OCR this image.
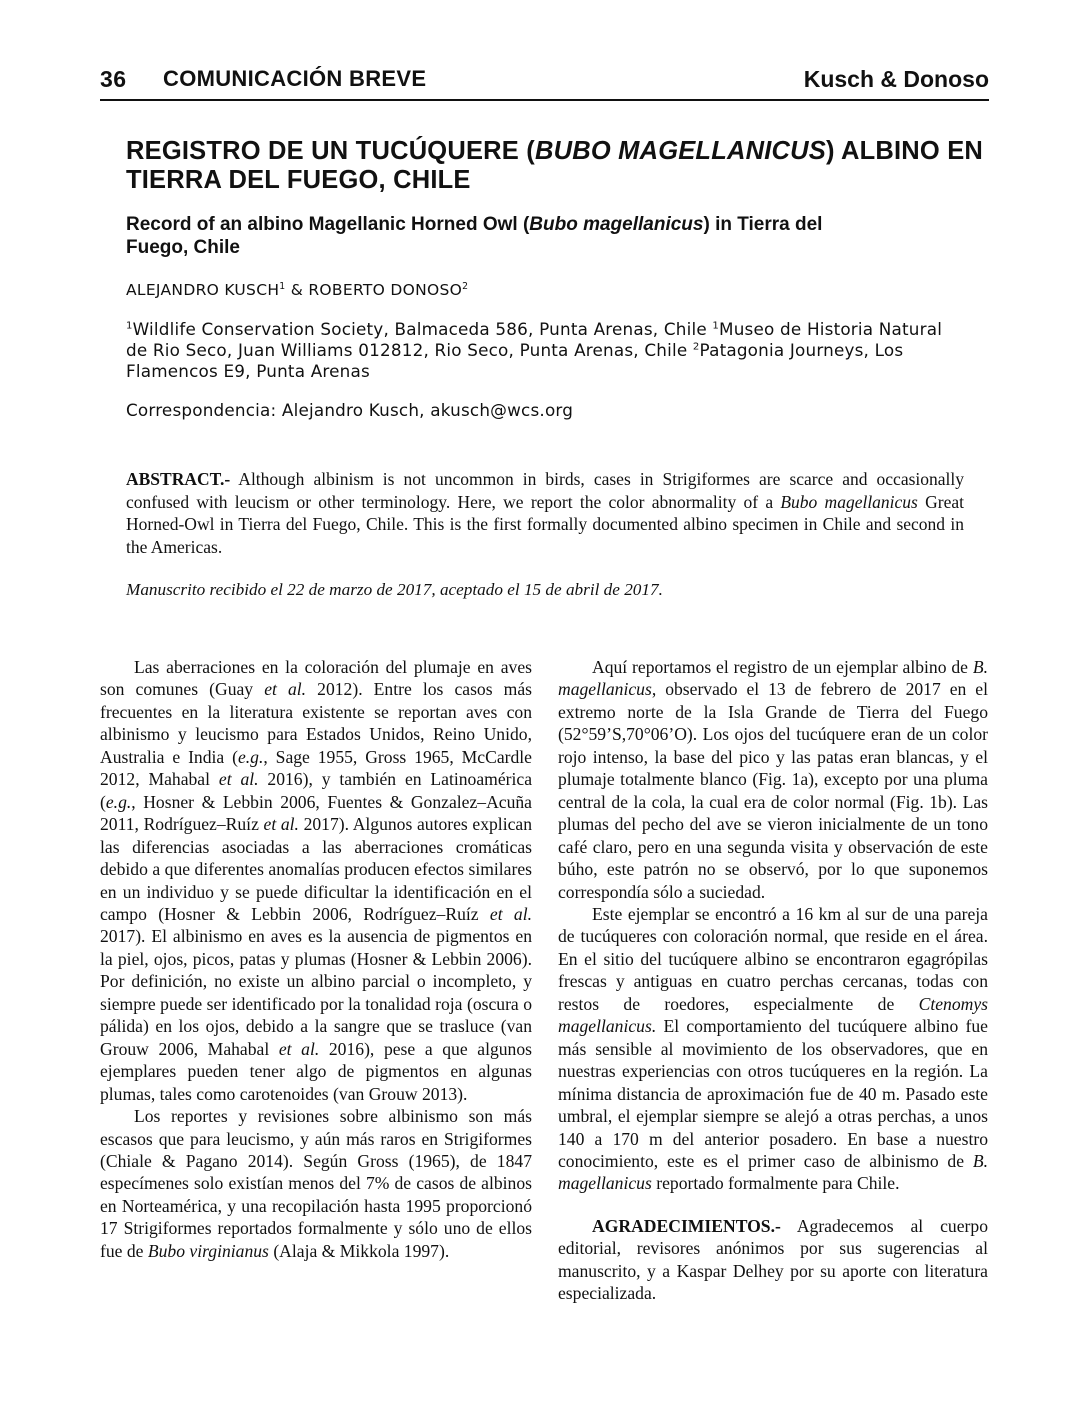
36 COMUNICACIÓN BREVE	Kusch & Donoso
REGISTRO DE UN TUCÚQUERE (BUBO MAGELLANICUS) ALBINO EN TIERRA DEL FUEGO, CHILE
Record of an albino Magellanic Horned Owl (Bubo magellanicus) in Tierra del Fuego, Chile
ALEJANDRO KUSCH$^1$ & ROBERTO DONOSO$^2$
$^1$Wildlife Conservation Society, Balmaceda 586, Punta Arenas, Chile $^1$Museo de Historia Natural de Rio Seco, Juan Williams 012812, Rio Seco, Punta Arenas, Chile $^2$Patagonia Journeys, Los Flamencos E9, Punta Arenas
Correspondencia: Alejandro Kusch, akusch@wcs.org
ABSTRACT.- Although albinism is not uncommon in birds, cases in Strigiformes are scarce and occasionally confused with leucism or other terminology. Here, we report the color abnormality of a Bubo magellanicus Great Horned-Owl in Tierra del Fuego, Chile. This is the first formally documented albino specimen in Chile and second in the Americas.
Manuscrito recibido el 22 de marzo de 2017, aceptado el 15 de abril de 2017.

Las aberraciones en la coloración del plumaje en aves son comunes (Guay et al. 2012). Entre los casos más frecuentes en la literatura existente se reportan aves con albinismo y leucismo para Estados Unidos, Reino Unido, Australia e India (e.g., Sage 1955, Gross 1965, McCardle 2012, Mahabal et al. 2016), y también en Latinoamérica (e.g., Hosner & Lebbin 2006, Fuentes & Gonzalez–Acuña 2011, Rodríguez–Ruíz et al. 2017). Algunos autores explican las diferencias asociadas a las aberraciones cromáticas debido a que diferentes anomalías producen efectos similares en un individuo y se puede dificultar la identificación en el campo (Hosner & Lebbin 2006, Rodríguez–Ruíz et al. 2017). El albinismo en aves es la ausencia de pigmentos en la piel, ojos, picos, patas y plumas (Hosner & Lebbin 2006). Por definición, no existe un albino parcial o incompleto, y siempre puede ser identificado por la tonalidad roja (oscura o pálida) en los ojos, debido a la sangre que se trasluce (van Grouw 2006, Mahabal et al. 2016), pese a que algunos ejemplares pueden tener algo de pigmentos en algunas plumas, tales como carotenoides (van Grouw 2013).

Los reportes y revisiones sobre albinismo son más escasos que para leucismo, y aún más raros en Strigiformes (Chiale & Pagano 2014). Según Gross (1965), de 1847 especímenes solo existían menos del 7% de casos de albinos en Norteamérica, y una recopilación hasta 1995 proporcionó 17 Strigiformes reportados formalmente y sólo uno de ellos fue de Bubo virginianus (Alaja & Mikkola 1997).

Aquí reportamos el registro de un ejemplar albino de B. magellanicus, observado el 13 de febrero de 2017 en el extremo norte de la Isla Grande de Tierra del Fuego (52°59’S,70°06’O). Los ojos del tucúquere eran de un color rojo intenso, la base del pico y las patas eran blancas, y el plumaje totalmente blanco (Fig. 1a), excepto por una pluma central de la cola, la cual era de color normal (Fig. 1b). Las plumas del pecho del ave se vieron inicialmente de un tono café claro, pero en una segunda visita y observación de este búho, este patrón no se observó, por lo que suponemos correspondía sólo a suciedad.

Este ejemplar se encontró a 16 km al sur de una pareja de tucúqueres con coloración normal, que reside en el área. En el sitio del tucúquere albino se encontraron egagrópilas frescas y antiguas en cuatro perchas cercanas, todas con restos de roedores, especialmente de Ctenomys magellanicus. El comportamiento del tucúquere albino fue más sensible al movimiento de los observadores, que en nuestras experiencias con otros tucúqueres en la región. La mínima distancia de aproximación fue de 40 m. Pasado este umbral, el ejemplar siempre se alejó a otras perchas, a unos 140 a 170 m del anterior posadero. En base a nuestro conocimiento, este es el primer caso de albinismo de B. magellanicus reportado formalmente para Chile.

AGRADECIMIENTOS.- Agradecemos al cuerpo editorial, revisores anónimos por sus sugerencias al manuscrito, y a Kaspar Delhey por su aporte con literatura especializada.
